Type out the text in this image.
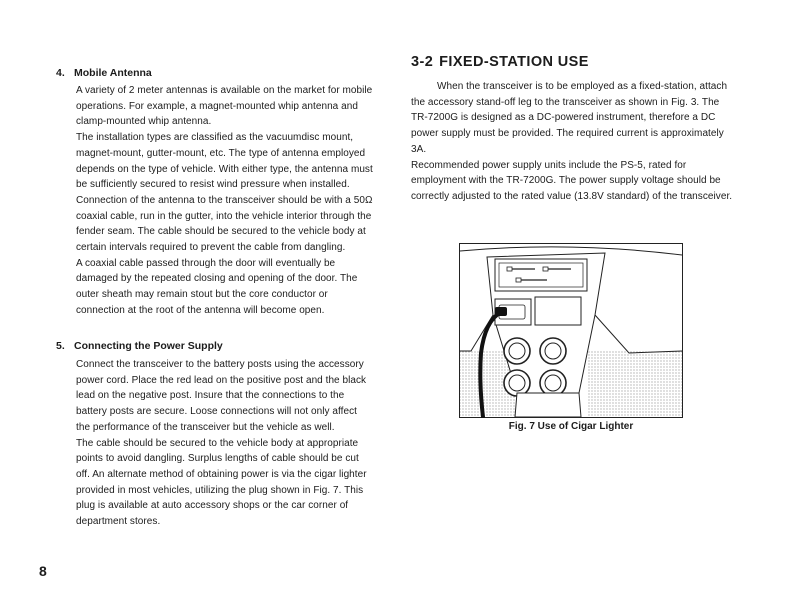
4. Mobile Antenna

A variety of 2 meter antennas is available on the market for mobile operations. For example, a magnet-mounted whip antenna and clamp-mounted whip antenna.

The installation types are classified as the vacuumdisc mount, magnet-mount, gutter-mount, etc. The type of antenna employed depends on the type of vehicle. With either type, the antenna must be sufficiently secured to resist wind pressure when installed.

Connection of the antenna to the transceiver should be with a 50Ω coaxial cable, run in the gutter, into the vehicle interior through the fender seam. The cable should be secured to the vehicle body at certain intervals required to prevent the cable from dangling.

A coaxial cable passed through the door will eventually be damaged by the repeated closing and opening of the door. The outer sheath may remain stout but the core conductor or connection at the root of the antenna will become open.

5. Connecting the Power Supply

Connect the transceiver to the battery posts using the accessory power cord. Place the red lead on the positive post and the black lead on the negative post. Insure that the connections to the battery posts are secure. Loose connections will not only affect the performance of the transceiver but the vehicle as well.

The cable should be secured to the vehicle body at appropriate points to avoid dangling. Surplus lengths of cable should be cut off. An alternate method of obtaining power is via the cigar lighter provided in most vehicles, utilizing the plug shown in Fig. 7. This plug is available at auto accessory shops or the car corner of department stores.

3-2 FIXED-STATION USE

When the transceiver is to be employed as a fixed-station, attach the accessory stand-off leg to the transceiver as shown in Fig. 3. The TR-7200G is designed as a DC-powered instrument, therefore a DC power supply must be provided. The required current is approximately 3A.

Recommended power supply units include the PS-5, rated for employment with the TR-7200G. The power supply voltage should be correctly adjusted to the rated value (13.8V standard) of the transceiver.

Fig. 7 Use of Cigar Lighter
8
